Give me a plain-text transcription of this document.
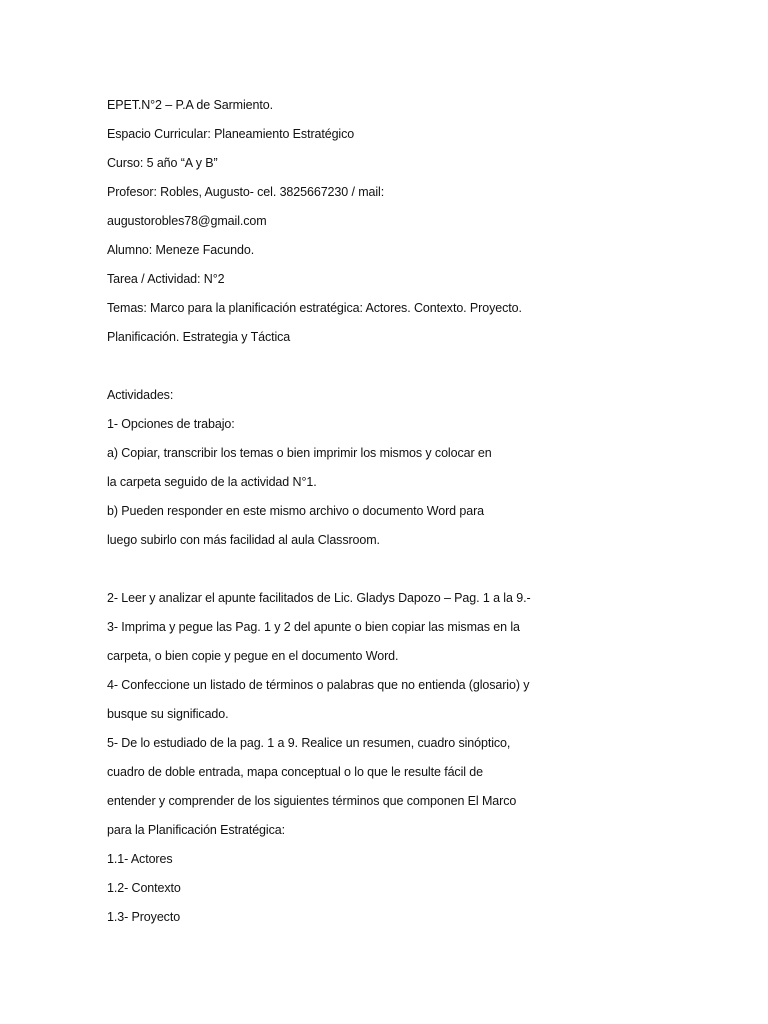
EPET.N°2 – P.A de Sarmiento.
Espacio Curricular: Planeamiento Estratégico
Curso: 5 año “A y B”
Profesor: Robles, Augusto- cel. 3825667230 / mail:
augustorobles78@gmail.com
Alumno: Meneze Facundo.
Tarea / Actividad: N°2
Temas: Marco para la planificación estratégica: Actores. Contexto. Proyecto.
Planificación. Estrategia y Táctica
Actividades:
1- Opciones de trabajo:
a) Copiar, transcribir los temas o bien imprimir los mismos y colocar en
la carpeta seguido de la actividad N°1.
b) Pueden responder en este mismo archivo o documento Word para
luego subirlo con más facilidad al aula Classroom.
2- Leer y analizar el apunte facilitados de Lic. Gladys Dapozo – Pag. 1 a la 9.-
3- Imprima y pegue las Pag. 1 y 2 del apunte o bien copiar las mismas en la
carpeta, o bien copie y pegue en el documento Word.
4- Confeccione un listado de términos o palabras que no entienda (glosario) y
busque su significado.
5- De lo estudiado de la pag. 1 a 9. Realice un resumen, cuadro sinóptico,
cuadro de doble entrada, mapa conceptual o lo que le resulte fácil de
entender y comprender de los siguientes términos que componen El Marco
para la Planificación Estratégica:
1.1- Actores
1.2- Contexto
1.3- Proyecto
